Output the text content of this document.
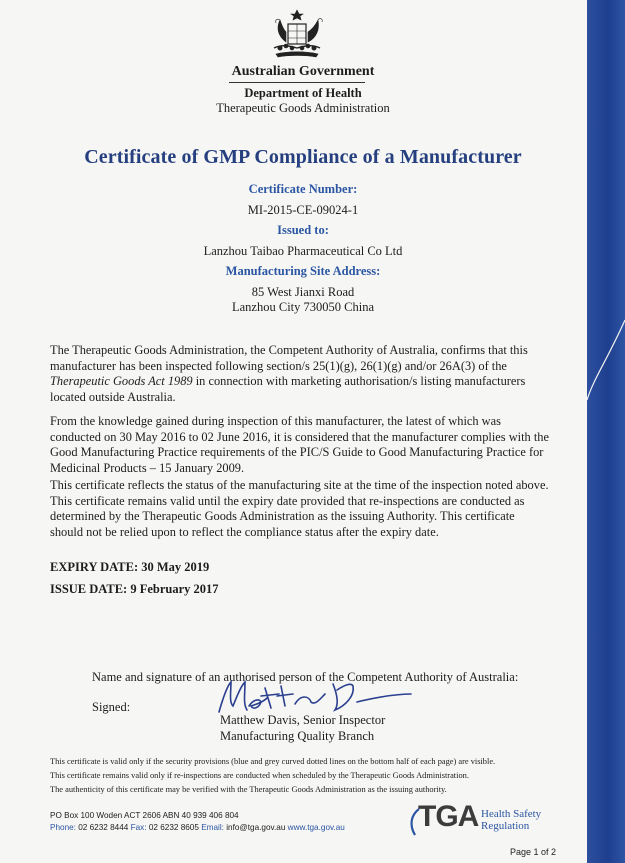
Australian Government
Department of Health
Therapeutic Goods Administration
Certificate of GMP Compliance of a Manufacturer
Certificate Number:
MI-2015-CE-09024-1
Issued to:
Lanzhou Taibao Pharmaceutical Co Ltd
Manufacturing Site Address:
85 West Jianxi Road
Lanzhou City 730050 China

The Therapeutic Goods Administration, the Competent Authority of Australia, confirms that this manufacturer has been inspected following section/s 25(1)(g), 26(1)(g) and/or 26A(3) of the Therapeutic Goods Act 1989 in connection with marketing authorisation/s listing manufacturers located outside Australia.

From the knowledge gained during inspection of this manufacturer, the latest of which was conducted on 30 May 2016 to 02 June 2016, it is considered that the manufacturer complies with the Good Manufacturing Practice requirements of the PIC/S Guide to Good Manufacturing Practice for Medicinal Products – 15 January 2009.

This certificate reflects the status of the manufacturing site at the time of the inspection noted above. This certificate remains valid until the expiry date provided that re-inspections are conducted as determined by the Therapeutic Goods Administration as the issuing Authority. This certificate should not be relied upon to reflect the compliance status after the expiry date.

EXPIRY DATE: 30 May 2019
ISSUE DATE: 9 February 2017
Name and signature of an authorised person of the Competent Authority of Australia:
Signed:
Matthew Davis, Senior Inspector
Manufacturing Quality Branch
This certificate is valid only if the security provisions (blue and grey curved dotted lines on the bottom half of each page) are visible.
This certificate remains valid only if re-inspections are conducted when scheduled by the Therapeutic Goods Administration.
The authenticity of this certificate may be verified with the Therapeutic Goods Administration as the issuing authority.
PO Box 100 Woden ACT 2606 ABN 40 939 406 804
Phone: 02 6232 8444 Fax: 02 6232 8605 Email: info@tga.gov.au www.tga.gov.au TGA Health Safety
Regulation
Page 1 of 2
